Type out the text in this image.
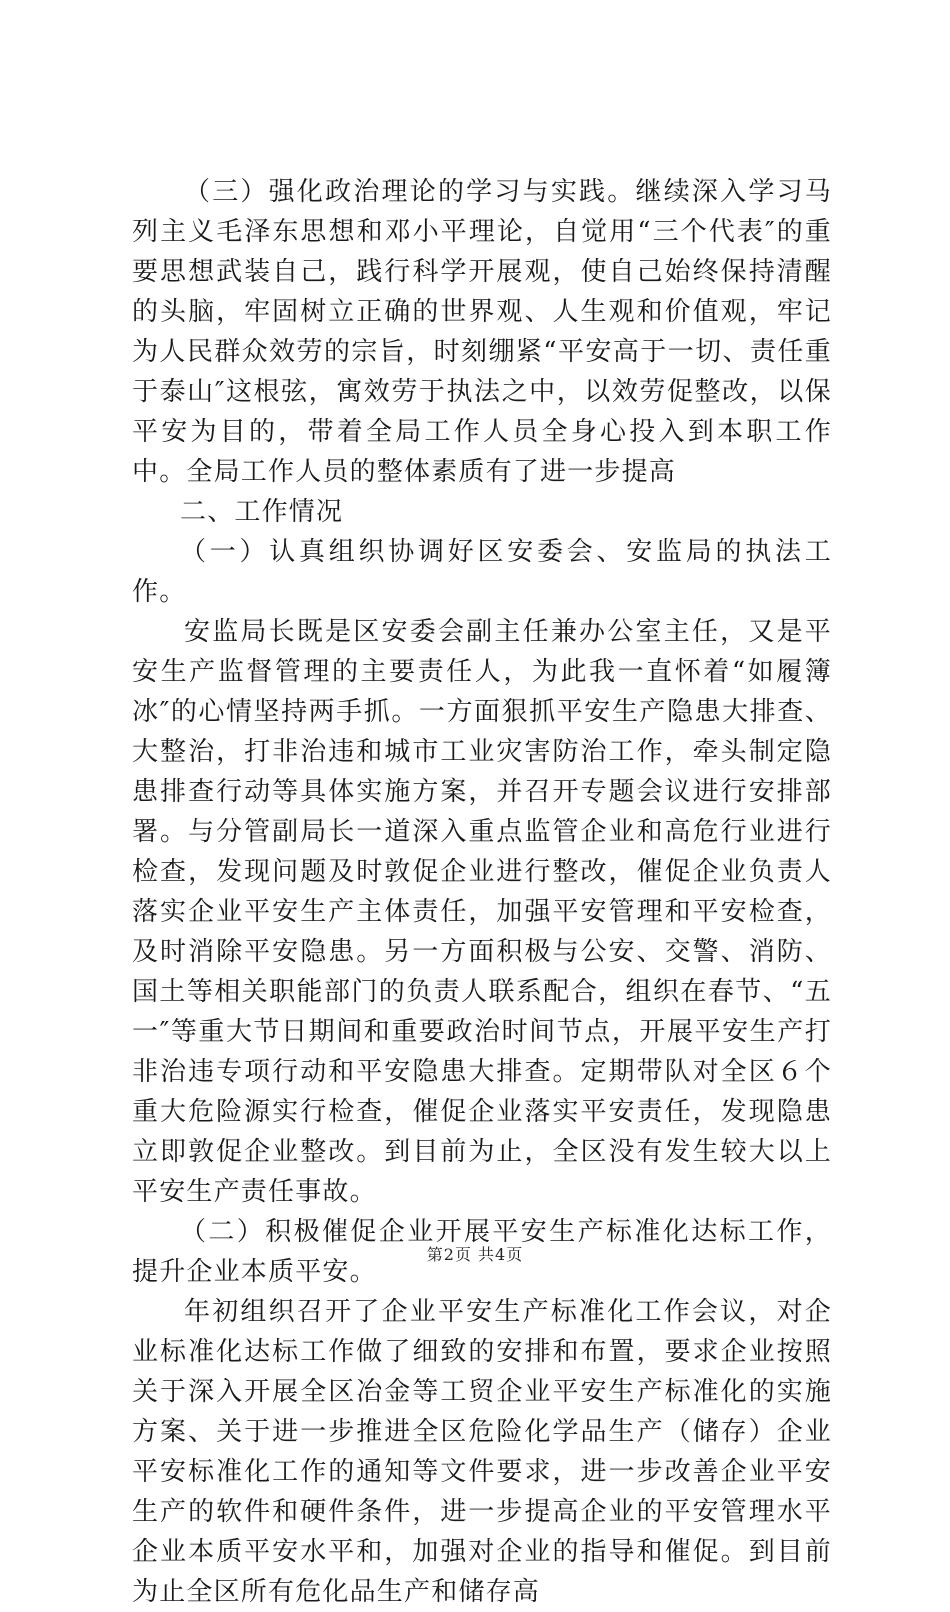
（三）强化政治理论的学习与实践。继续深入学习马列主义毛泽东思想和邓小平理论，自觉用“三个代表″的重要思想武装自己，践行科学开展观，使自己始终保持清醒的头脑，牢固树立正确的世界观、人生观和价值观，牢记为人民群众效劳的宗旨，时刻绷紧“平安高于一切、责任重于泰山″这根弦，寓效劳于执法之中，以效劳促整改，以保平安为目的，带着全局工作人员全身心投入到本职工作中。全局工作人员的整体素质有了进一步提高

二、工作情况

（一）认真组织协调好区安委会、安监局的执法工作。

安监局长既是区安委会副主任兼办公室主任，又是平安生产监督管理的主要责任人，为此我一直怀着“如履簿冰″的心情坚持两手抓。一方面狠抓平安生产隐患大排查、大整治，打非治违和城市工业灾害防治工作，牵头制定隐患排查行动等具体实施方案，并召开专题会议进行安排部署。与分管副局长一道深入重点监管企业和高危行业进行检查，发现问题及时敦促企业进行整改，催促企业负责人落实企业平安生产主体责任，加强平安管理和平安检查，及时消除平安隐患。另一方面积极与公安、交警、消防、国土等相关职能部门的负责人联系配合，组织在春节、“五一″等重大节日期间和重要政治时间节点，开展平安生产打非治违专项行动和平安隐患大排查。定期带队对全区６个重大危险源实行检查，催促企业落实平安责任，发现隐患立即敦促企业整改。到目前为止，全区没有发生较大以上平安生产责任事故。

（二）积极催促企业开展平安生产标准化达标工作，提升企业本质平安。

年初组织召开了企业平安生产标准化工作会议，对企业标准化达标工作做了细致的安排和布置，要求企业按照关于深入开展全区冶金等工贸企业平安生产标准化的实施方案、关于进一步推进全区危险化学品生产（储存）企业平安标准化工作的通知等文件要求，进一步改善企业平安生产的软件和硬件条件，进一步提高企业的平安管理水平企业本质平安水平和，加强对企业的指导和催促。到目前为止全区所有危化品生产和储存高

第2页 共4页
